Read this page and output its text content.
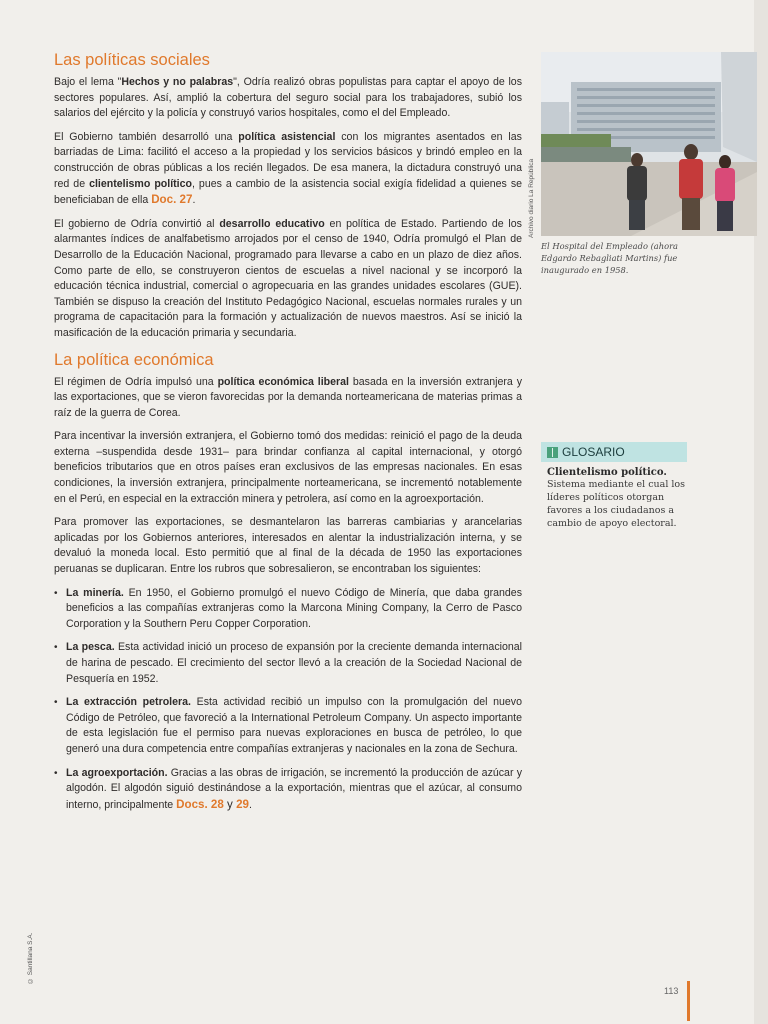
Las políticas sociales

Bajo el lema "Hechos y no palabras", Odría realizó obras populistas para captar el apoyo de los sectores populares. Así, amplió la cobertura del seguro social para los trabajadores, subió los salarios del ejército y la policía y construyó varios hospitales, como el del Empleado.

El Gobierno también desarrolló una política asistencial con los migrantes asentados en las barriadas de Lima: facilitó el acceso a la propiedad y los servicios básicos y brindó empleo en la construcción de obras públicas a los recién llegados. De esa manera, la dictadura construyó una red de clientelismo político, pues a cambio de la asistencia social exigía fidelidad a quienes se beneficiaban de ella Doc. 27.

El gobierno de Odría convirtió al desarrollo educativo en política de Estado. Partiendo de los alarmantes índices de analfabetismo arrojados por el censo de 1940, Odría promulgó el Plan de Desarrollo de la Educación Nacional, programado para llevarse a cabo en un plazo de diez años. Como parte de ello, se construyeron cientos de escuelas a nivel nacional y se incorporó la educación técnica industrial, comercial o agropecuaria en las grandes unidades escolares (GUE). También se dispuso la creación del Instituto Pedagógico Nacional, escuelas normales rurales y un programa de capacitación para la formación y actualización de nuevos maestros. Así se inició la masificación de la educación primaria y secundaria.

La política económica

El régimen de Odría impulsó una política económica liberal basada en la inversión extranjera y las exportaciones, que se vieron favorecidas por la demanda norteamericana de materias primas a raíz de la guerra de Corea.

Para incentivar la inversión extranjera, el Gobierno tomó dos medidas: reinició el pago de la deuda externa –suspendida desde 1931– para brindar confianza al capital internacional, y otorgó beneficios tributarios que en otros países eran exclusivos de las empresas nacionales. En esas condiciones, la inversión extranjera, principalmente norteamericana, se incrementó notablemente en el Perú, en especial en la extracción minera y petrolera, así como en la agroexportación.

Para promover las exportaciones, se desmantelaron las barreras cambiarias y arancelarias aplicadas por los Gobiernos anteriores, interesados en alentar la industrialización interna, y se devaluó la moneda local. Esto permitió que al final de la década de 1950 las exportaciones peruanas se duplicaran. Entre los rubros que sobresalieron, se encontraban los siguientes:

• La minería. En 1950, el Gobierno promulgó el nuevo Código de Minería, que daba grandes beneficios a las compañías extranjeras como la Marcona Mining Company, la Cerro de Pasco Corporation y la Southern Peru Copper Corporation.
• La pesca. Esta actividad inició un proceso de expansión por la creciente demanda internacional de harina de pescado. El crecimiento del sector llevó a la creación de la Sociedad Nacional de Pesquería en 1952.
• La extracción petrolera. Esta actividad recibió un impulso con la promulgación del nuevo Código de Petróleo, que favoreció a la International Petroleum Company. Un aspecto importante de esta legislación fue el permiso para nuevas exploraciones en busca de petróleo, lo que generó una dura competencia entre compañías extranjeras y nacionales en la zona de Sechura.
• La agroexportación. Gracias a las obras de irrigación, se incrementó la producción de azúcar y algodón. El algodón siguió destinándose a la exportación, mientras que el azúcar, al consumo interno, principalmente Docs. 28 y 29.
Archivo diario La República
El Hospital del Empleado (ahora Edgardo Rebagliati Martins) fue inaugurado en 1958.
GLOSARIO
Clientelismo político.
Sistema mediante el cual los líderes políticos otorgan favores a los ciudadanos a cambio de apoyo electoral.
© Santillana S.A.
113
